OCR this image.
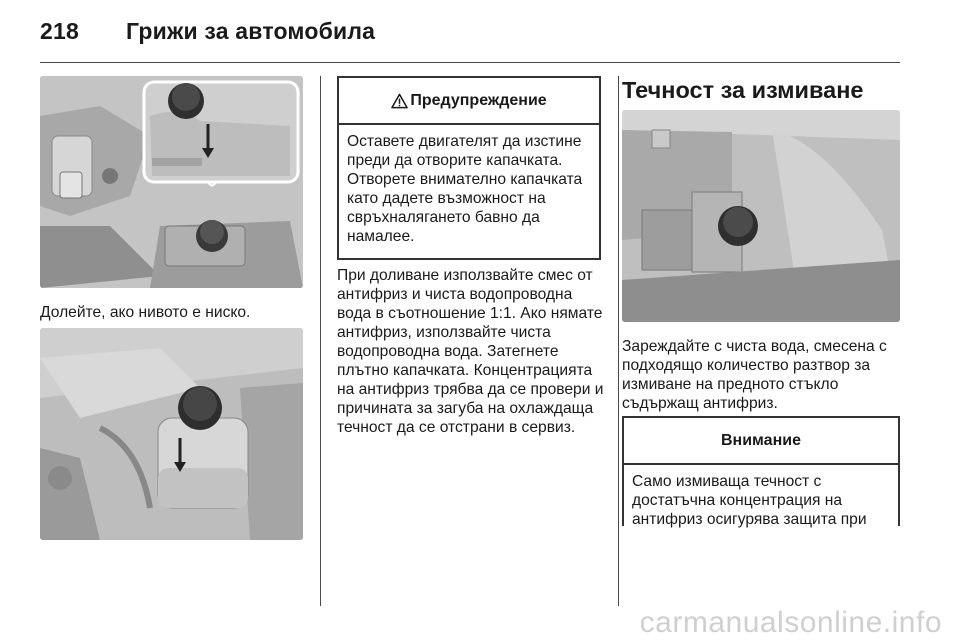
218 Грижи за автомобила
Долейте, ако нивото е ниско.
Предупреждение
Оставете двигателят да изстине преди да отворите капачката. Отворете внимателно капачката като дадете възможност на свръхналягането бавно да намалее.
При доливане използвайте смес от антифриз и чиста водопроводна вода в съотношение 1:1. Ако нямате антифриз, използвайте чиста водопроводна вода. Затегнете плътно капачката. Концентрацията на антифриз трябва да се провери и причината за загуба на охлаждаща течност да се отстрани в сервиз.
Течност за измиване
Зареждайте с чиста вода, смесена с подходящо количество разтвор за измиване на предното стъкло съдържащ антифриз.
Внимание
Само измиваща течност с достатъчна концентрация на антифриз осигурява защита при
carmanualsonline.info
